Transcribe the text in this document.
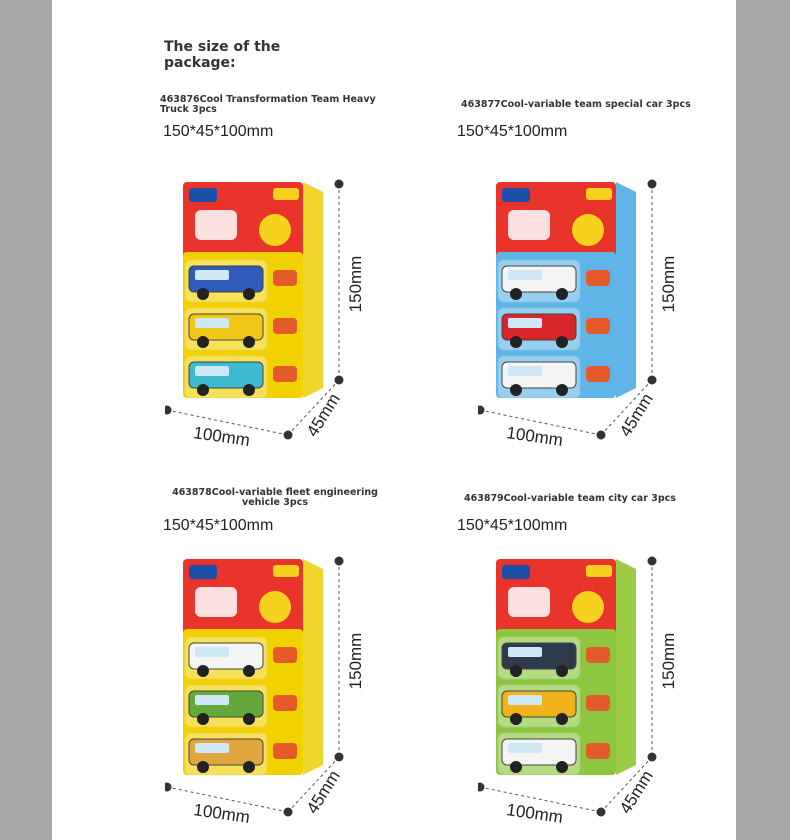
The size of the
package:
463876Cool Transformation Team Heavy Truck 3pcs
150*45*100mm
150mm
45mm
100mm
463877Cool-variable team special car 3pcs
150*45*100mm
150mm
45mm
100mm
463878Cool-variable fleet engineering vehicle 3pcs
150*45*100mm
150mm
45mm
100mm
463879Cool-variable team city car 3pcs
150*45*100mm
150mm
45mm
100mm
